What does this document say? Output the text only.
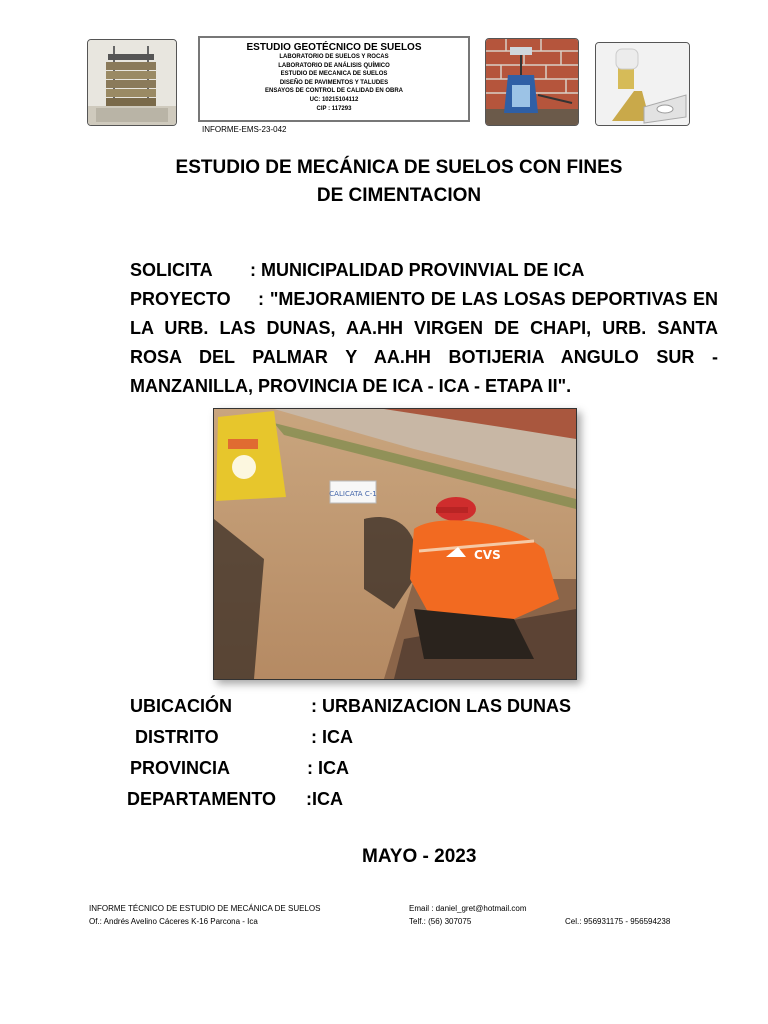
ESTUDIO GEOTÉCNICO DE SUELOS
LABORATORIO DE SUELOS Y ROCAS
LABORATORIO DE ANÁLISIS QUÍMICO
ESTUDIO DE MECANICA DE SUELOS
DISEÑO DE PAVIMENTOS Y TALUDES
ENSAYOS DE CONTROL DE CALIDAD EN OBRA
UC: 10215104112
CIP : 117293
INFORME-EMS-23-042
ESTUDIO DE MECÁNICA DE SUELOS CON FINES
DE CIMENTACION
SOLICITA : MUNICIPALIDAD PROVINVIAL DE ICA
PROYECTO : "MEJORAMIENTO DE LAS LOSAS DEPORTIVAS EN LA URB. LAS DUNAS, AA.HH VIRGEN DE CHAPI, URB. SANTA ROSA DEL PALMAR Y AA.HH BOTIJERIA ANGULO SUR - MANZANILLA, PROVINCIA DE ICA - ICA - ETAPA II".
CALICATA C-1
CVS
UBICACIÓN	: URBANIZACION LAS DUNAS
DISTRITO	: ICA
PROVINCIA	: ICA
DEPARTAMENTO :ICA
MAYO - 2023
INFORME TÉCNICO DE ESTUDIO DE MECÁNICA DE SUELOS
Of.: Andrés Avelino Cáceres K-16 Parcona - Ica
Email : daniel_gret@hotmail.com
Telf.: (56) 307075	Cel.: 956931175 - 956594238
